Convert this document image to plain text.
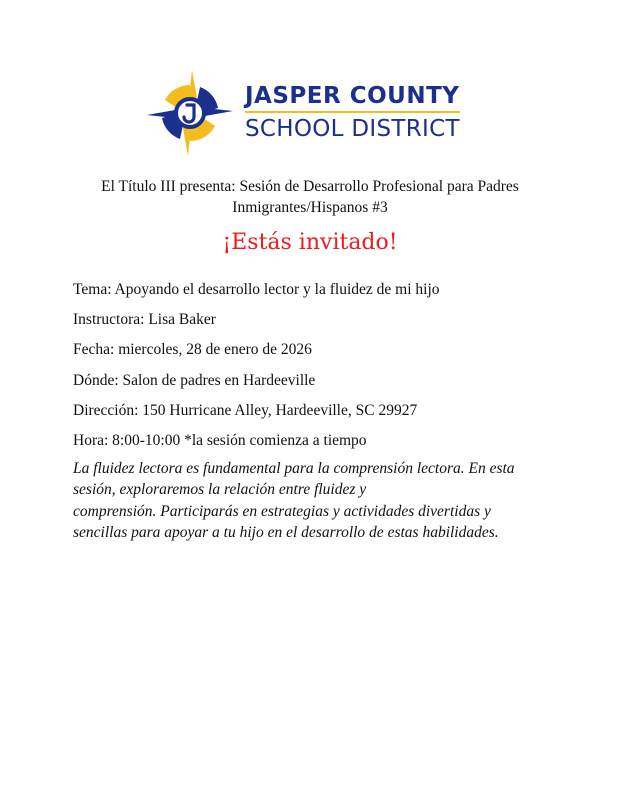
JASPER COUNTY
SCHOOL DISTRICT
El Título III presenta: Sesión de Desarrollo Profesional para Padres
Inmigrantes/Hispanos #3
¡Estás invitado!
Tema: Apoyando el desarrollo lector y la fluidez de mi hijo
Instructora: Lisa Baker
Fecha: miercoles, 28 de enero de 2026
Dónde: Salon de padres en Hardeeville
Dirección: 150 Hurricane Alley, Hardeeville, SC 29927
Hora: 8:00-10:00 *la sesión comienza a tiempo
La fluidez lectora es fundamental para la comprensión lectora. En esta
sesión, exploraremos la relación entre fluidez y
comprensión. Participarás en estrategias y actividades divertidas y
sencillas para apoyar a tu hijo en el desarrollo de estas habilidades.
